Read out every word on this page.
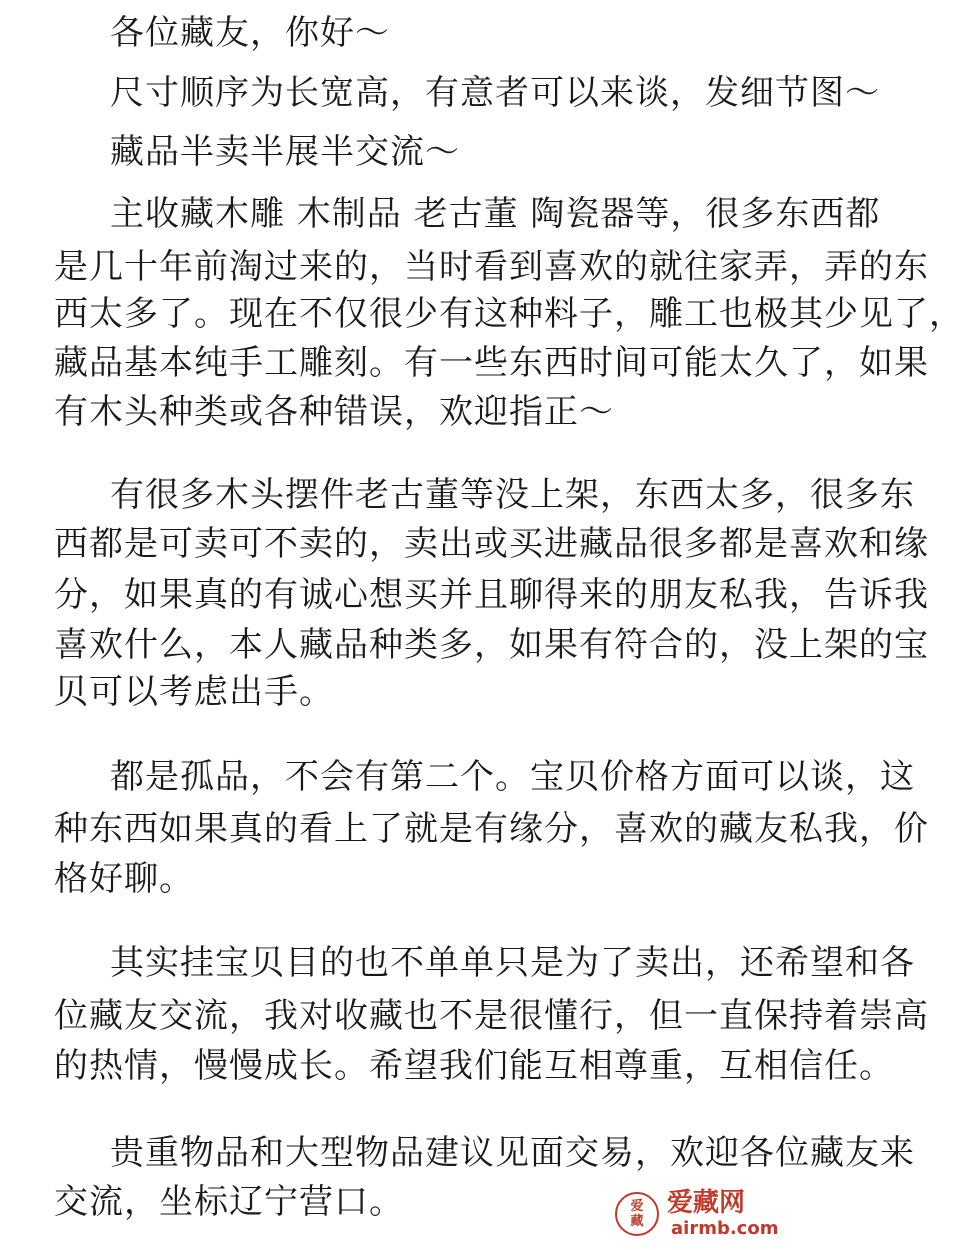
各位藏友，你好～
尺寸顺序为长宽高，有意者可以来谈，发细节图～
藏品半卖半展半交流～
主收藏木雕 木制品 老古董 陶瓷器等，很多东西都
是几十年前淘过来的，当时看到喜欢的就往家弄，弄的东
西太多了。现在不仅很少有这种料子，雕工也极其少见了，
藏品基本纯手工雕刻。有一些东西时间可能太久了，如果
有木头种类或各种错误，欢迎指正～
有很多木头摆件老古董等没上架，东西太多，很多东
西都是可卖可不卖的，卖出或买进藏品很多都是喜欢和缘
分，如果真的有诚心想买并且聊得来的朋友私我，告诉我
喜欢什么，本人藏品种类多，如果有符合的，没上架的宝
贝可以考虑出手。
都是孤品，不会有第二个。宝贝价格方面可以谈，这
种东西如果真的看上了就是有缘分，喜欢的藏友私我，价
格好聊。
其实挂宝贝目的也不单单只是为了卖出，还希望和各
位藏友交流，我对收藏也不是很懂行，但一直保持着崇高
的热情，慢慢成长。希望我们能互相尊重，互相信任。
贵重物品和大型物品建议见面交易，欢迎各位藏友来
交流，坐标辽宁营口。	爱
藏
爱藏网
airmb.com
